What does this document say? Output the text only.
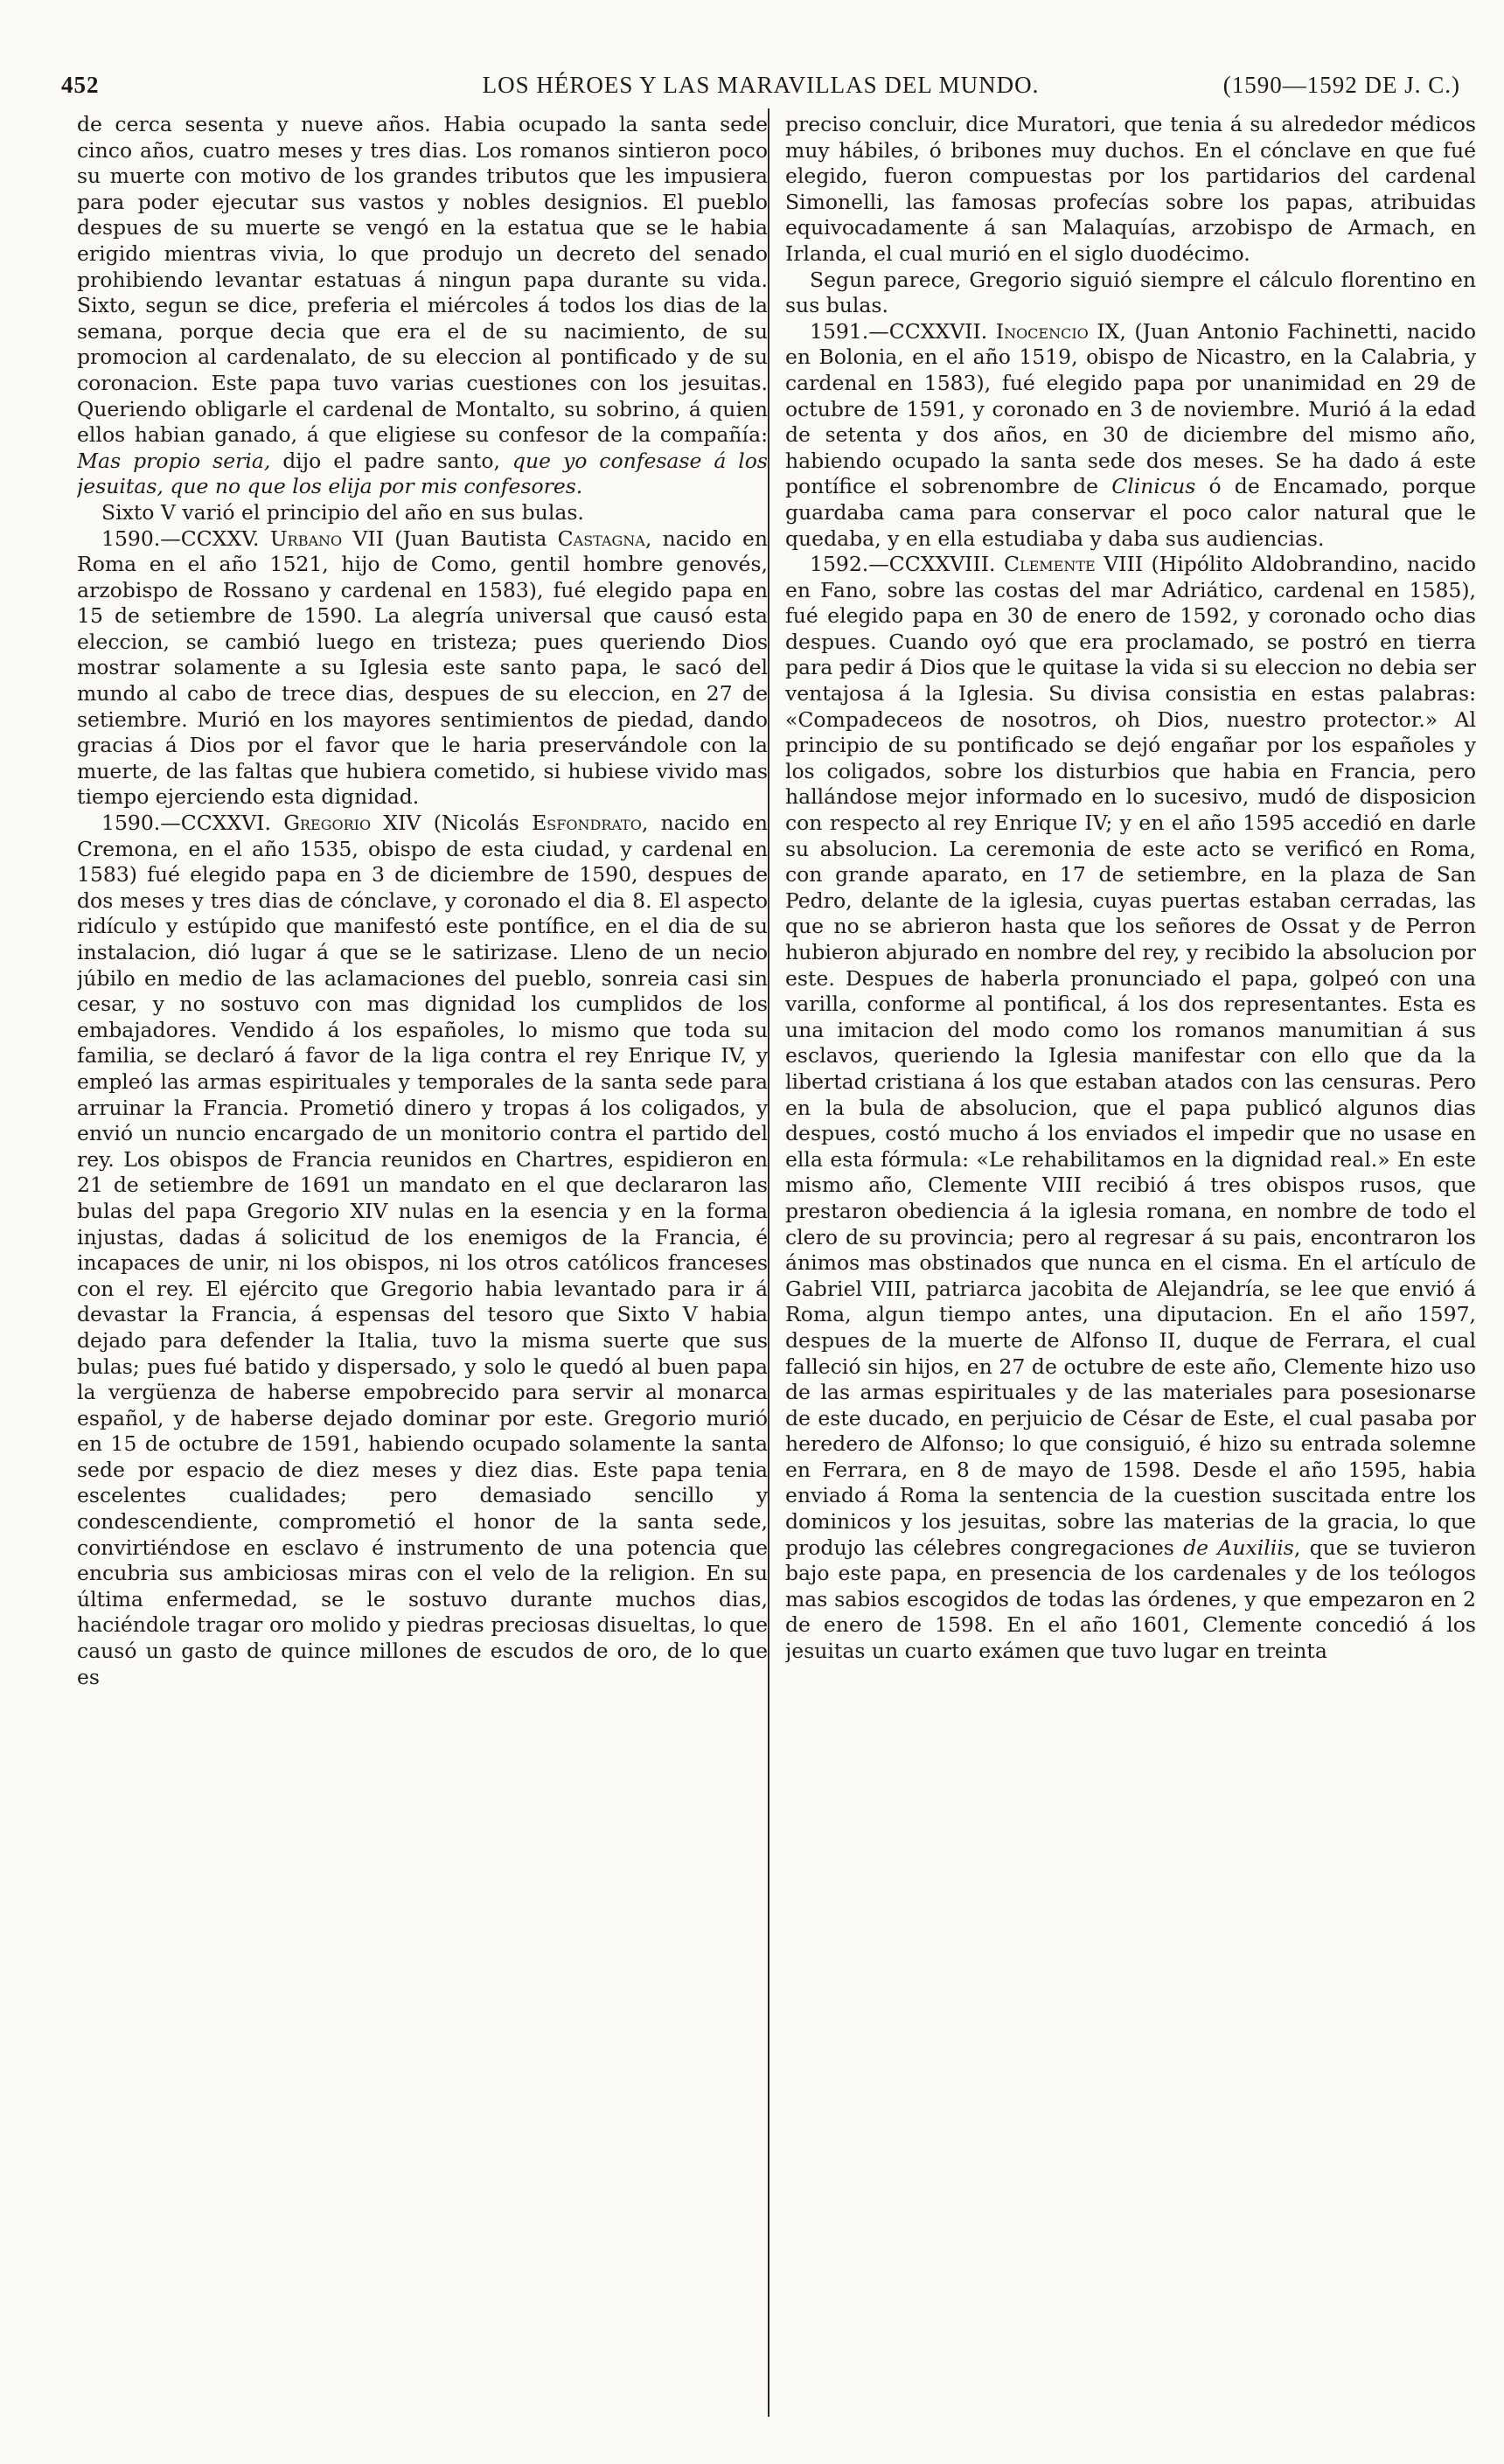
452	LOS HÉROES Y LAS MARAVILLAS DEL MUNDO.	(1590—1592 DE J. C.)

de cerca sesenta y nueve años. Habia ocupado la santa sede cinco años, cuatro meses y tres dias. Los romanos sintieron poco su muerte con motivo de los grandes tributos que les impusiera para poder ejecutar sus vastos y nobles designios. El pueblo despues de su muerte se vengó en la estatua que se le habia erigido mientras vivia, lo que produjo un decreto del senado prohibiendo levantar estatuas á ningun papa durante su vida. Sixto, segun se dice, preferia el miércoles á todos los dias de la semana, porque decia que era el de su nacimiento, de su promocion al cardenalato, de su eleccion al pontificado y de su coronacion. Este papa tuvo varias cuestiones con los jesuitas. Queriendo obligarle el cardenal de Montalto, su sobrino, á quien ellos habian ganado, á que eligiese su confesor de la compañía: Mas propio seria, dijo el padre santo, que yo confesase á los jesuitas, que no que los elija por mis confesores.

Sixto V varió el principio del año en sus bulas.

1590.—CCXXV. Urbano VII (Juan Bautista Castagna, nacido en Roma en el año 1521, hijo de Como, gentil hombre genovés, arzobispo de Rossano y cardenal en 1583), fué elegido papa en 15 de setiembre de 1590. La alegría universal que causó esta eleccion, se cambió luego en tristeza; pues queriendo Dios mostrar solamente a su Iglesia este santo papa, le sacó del mundo al cabo de trece dias, despues de su eleccion, en 27 de setiembre. Murió en los mayores sentimientos de piedad, dando gracias á Dios por el favor que le haria preservándole con la muerte, de las faltas que hubiera cometido, si hubiese vivido mas tiempo ejerciendo esta dignidad.

1590.—CCXXVI. Gregorio XIV (Nicolás Esfondrato, nacido en Cremona, en el año 1535, obispo de esta ciudad, y cardenal en 1583) fué elegido papa en 3 de diciembre de 1590, despues de dos meses y tres dias de cónclave, y coronado el dia 8. El aspecto ridículo y estúpido que manifestó este pontífice, en el dia de su instalacion, dió lugar á que se le satirizase. Lleno de un necio júbilo en medio de las aclamaciones del pueblo, sonreia casi sin cesar, y no sostuvo con mas dignidad los cumplidos de los embajadores. Vendido á los españoles, lo mismo que toda su familia, se declaró á favor de la liga contra el rey Enrique IV, y empleó las armas espirituales y temporales de la santa sede para arruinar la Francia. Prometió dinero y tropas á los coligados, y envió un nuncio encargado de un monitorio contra el partido del rey. Los obispos de Francia reunidos en Chartres, espidieron en 21 de setiembre de 1691 un mandato en el que declararon las bulas del papa Gregorio XIV nulas en la esencia y en la forma injustas, dadas á solicitud de los enemigos de la Francia, é incapaces de unir, ni los obispos, ni los otros católicos franceses con el rey. El ejército que Gregorio habia levantado para ir á devastar la Francia, á espensas del tesoro que Sixto V habia dejado para defender la Italia, tuvo la misma suerte que sus bulas; pues fué batido y dispersado, y solo le quedó al buen papa la vergüenza de haberse empobrecido para servir al monarca español, y de haberse dejado dominar por este. Gregorio murió en 15 de octubre de 1591, habiendo ocupado solamente la santa sede por espacio de diez meses y diez dias. Este papa tenia escelentes cualidades; pero demasiado sencillo y condescendiente, comprometió el honor de la santa sede, convirtiéndose en esclavo é instrumento de una potencia que encubria sus ambiciosas miras con el velo de la religion. En su última enfermedad, se le sostuvo durante muchos dias, haciéndole tragar oro molido y piedras preciosas disueltas, lo que causó un gasto de quince millones de escudos de oro, de lo que es

preciso concluir, dice Muratori, que tenia á su alrededor médicos muy hábiles, ó bribones muy duchos. En el cónclave en que fué elegido, fueron compuestas por los partidarios del cardenal Simonelli, las famosas profecías sobre los papas, atribuidas equivocadamente á san Malaquías, arzobispo de Armach, en Irlanda, el cual murió en el siglo duodécimo.

Segun parece, Gregorio siguió siempre el cálculo florentino en sus bulas.

1591.—CCXXVII. Inocencio IX, (Juan Antonio Fachinetti, nacido en Bolonia, en el año 1519, obispo de Nicastro, en la Calabria, y cardenal en 1583), fué elegido papa por unanimidad en 29 de octubre de 1591, y coronado en 3 de noviembre. Murió á la edad de setenta y dos años, en 30 de diciembre del mismo año, habiendo ocupado la santa sede dos meses. Se ha dado á este pontífice el sobrenombre de Clinicus ó de Encamado, porque guardaba cama para conservar el poco calor natural que le quedaba, y en ella estudiaba y daba sus audiencias.

1592.—CCXXVIII. Clemente VIII (Hipólito Aldobrandino, nacido en Fano, sobre las costas del mar Adriático, cardenal en 1585), fué elegido papa en 30 de enero de 1592, y coronado ocho dias despues. Cuando oyó que era proclamado, se postró en tierra para pedir á Dios que le quitase la vida si su eleccion no debia ser ventajosa á la Iglesia. Su divisa consistia en estas palabras: «Compadeceos de nosotros, oh Dios, nuestro protector.» Al principio de su pontificado se dejó engañar por los españoles y los coligados, sobre los disturbios que habia en Francia, pero hallándose mejor informado en lo sucesivo, mudó de disposicion con respecto al rey Enrique IV; y en el año 1595 accedió en darle su absolucion. La ceremonia de este acto se verificó en Roma, con grande aparato, en 17 de setiembre, en la plaza de San Pedro, delante de la iglesia, cuyas puertas estaban cerradas, las que no se abrieron hasta que los señores de Ossat y de Perron hubieron abjurado en nombre del rey, y recibido la absolucion por este. Despues de haberla pronunciado el papa, golpeó con una varilla, conforme al pontifical, á los dos representantes. Esta es una imitacion del modo como los romanos manumitian á sus esclavos, queriendo la Iglesia manifestar con ello que da la libertad cristiana á los que estaban atados con las censuras. Pero en la bula de absolucion, que el papa publicó algunos dias despues, costó mucho á los enviados el impedir que no usase en ella esta fórmula: «Le rehabilitamos en la dignidad real.» En este mismo año, Clemente VIII recibió á tres obispos rusos, que prestaron obediencia á la iglesia romana, en nombre de todo el clero de su provincia; pero al regresar á su pais, encontraron los ánimos mas obstinados que nunca en el cisma. En el artículo de Gabriel VIII, patriarca jacobita de Alejandría, se lee que envió á Roma, algun tiempo antes, una diputacion. En el año 1597, despues de la muerte de Alfonso II, duque de Ferrara, el cual falleció sin hijos, en 27 de octubre de este año, Clemente hizo uso de las armas espirituales y de las materiales para posesionarse de este ducado, en perjuicio de César de Este, el cual pasaba por heredero de Alfonso; lo que consiguió, é hizo su entrada solemne en Ferrara, en 8 de mayo de 1598. Desde el año 1595, habia enviado á Roma la sentencia de la cuestion suscitada entre los dominicos y los jesuitas, sobre las materias de la gracia, lo que produjo las célebres congregaciones de Auxiliis, que se tuvieron bajo este papa, en presencia de los cardenales y de los teólogos mas sabios escogidos de todas las órdenes, y que empezaron en 2 de enero de 1598. En el año 1601, Clemente concedió á los jesuitas un cuarto exámen que tuvo lugar en treinta
